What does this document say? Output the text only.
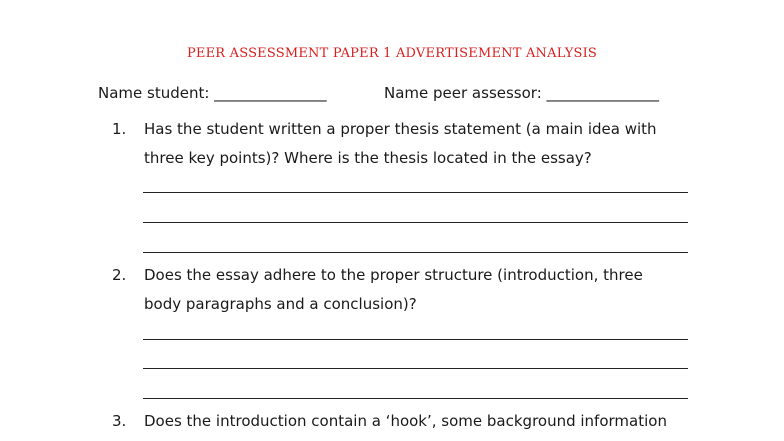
PEER ASSESSMENT PAPER 1 ADVERTISEMENT ANALYSIS
Name student: _______________	Name peer assessor: _______________
1.	Has the student written a proper thesis statement (a main idea with
three key points)? Where is the thesis located in the essay?
2.	Does the essay adhere to the proper structure (introduction, three
body paragraphs and a conclusion)?
3.	Does the introduction contain a ‘hook’, some background information
